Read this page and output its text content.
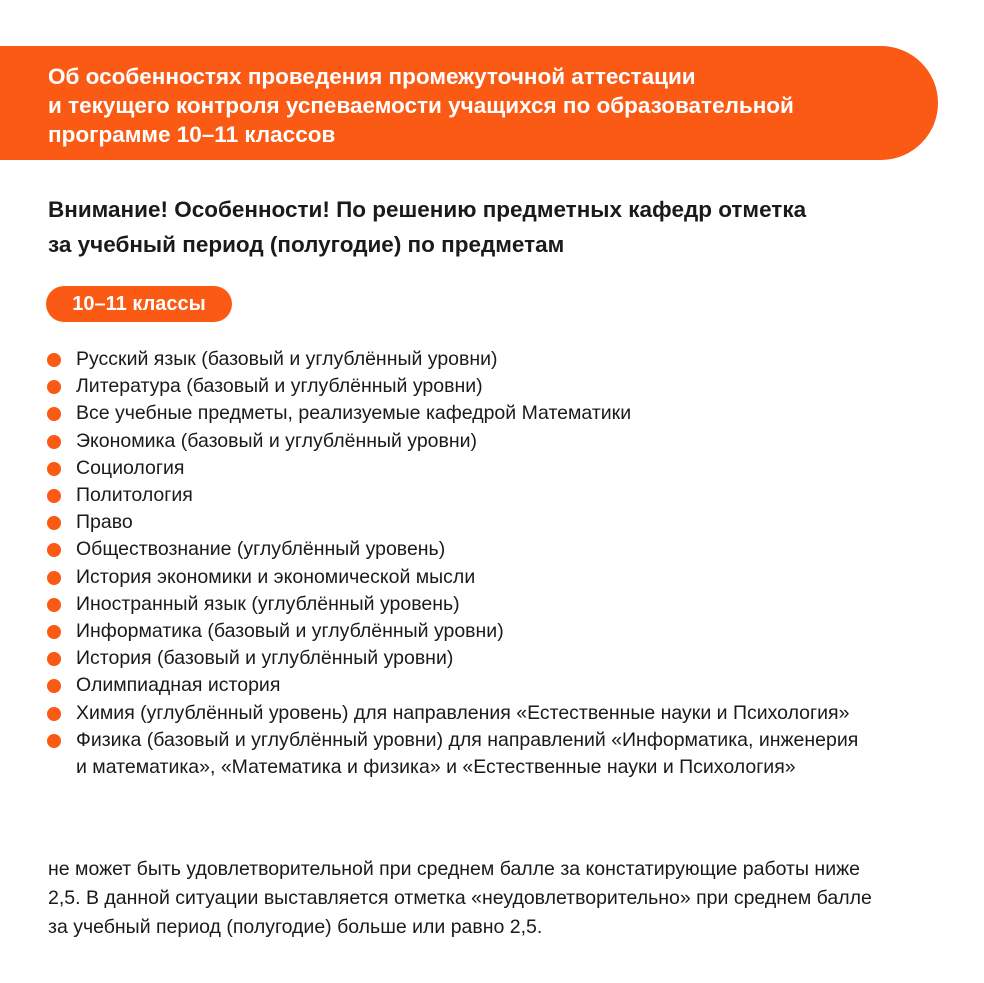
Об особенностях проведения промежуточной аттестации
и текущего контроля успеваемости учащихся по образовательной
программе 10–11 классов

Внимание! Особенности! По решению предметных кафедр отметка
за учебный период (полугодие) по предметам

10–11 классы
Русский язык (базовый и углублённый уровни)
Литература (базовый и углублённый уровни)
Все учебные предметы, реализуемые кафедрой Математики
Экономика (базовый и углублённый уровни)
Социология
Политология
Право
Обществознание (углублённый уровень)
История экономики и экономической мысли
Иностранный язык (углублённый уровень)
Информатика (базовый и углублённый уровни)
История (базовый и углублённый уровни)
Олимпиадная история
Химия (углублённый уровень) для направления «Естественные науки и Психология»
Физика (базовый и углублённый уровни) для направлений «Информатика, инженерия
и математика», «Математика и физика» и «Естественные науки и Психология»

не может быть удовлетворительной при среднем балле за констатирующие работы ниже
2,5. В данной ситуации выставляется отметка «неудовлетворительно» при среднем балле
за учебный период (полугодие) больше или равно 2,5.
